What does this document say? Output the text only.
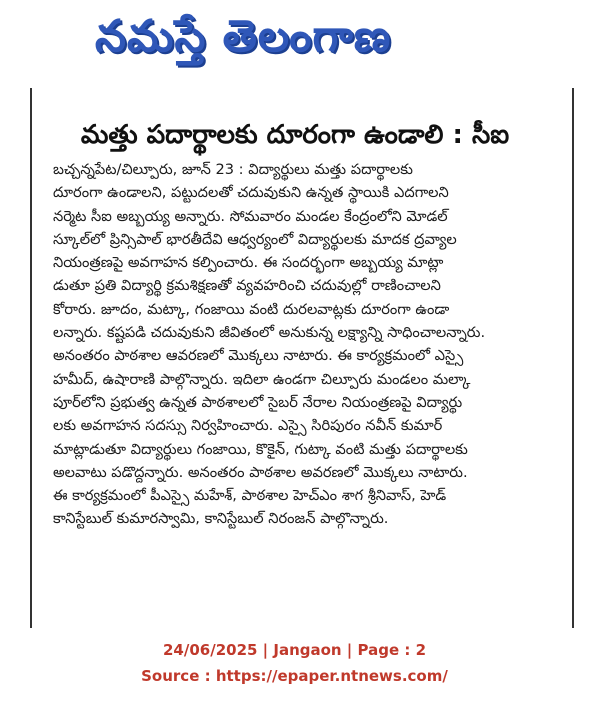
నమస్తే తెలంగాణ
మత్తు పదార్థాలకు దూరంగా ఉండాలి : సీఐ

బచ్చన్నపేట/చిల్పూరు, జూన్ 23 : విద్యార్థులు మత్తు పదార్థాలకు

దూరంగా ఉండాలని, పట్టుదలతో చదువుకుని ఉన్నత స్థాయికి ఎదగాలని

నర్మెట సీఐ అబ్బయ్య అన్నారు. సోమవారం మండల కేంద్రంలోని మోడల్

స్కూల్‌లో ప్రిన్సిపాల్ భారతీదేవి ఆధ్వర్యంలో విద్యార్థులకు మాదక ద్రవ్యాల

నియంత్రణపై అవగాహన కల్పించారు. ఈ సందర్భంగా అబ్బయ్య మాట్లా

డుతూ ప్రతి విద్యార్థి క్రమశిక్షణతో వ్యవహరించి చదువుల్లో రాణించాలని

కోరారు. జూదం, మట్కా, గంజాయి వంటి దురలవాట్లకు దూరంగా ఉండా

లన్నారు. కష్టపడి చదువుకుని జీవితంలో అనుకున్న లక్ష్యాన్ని సాధించాలన్నారు.

అనంతరం పాఠశాల ఆవరణలో మొక్కలు నాటారు. ఈ కార్యక్రమంలో ఎస్సై

హమీద్, ఉషారాణి పాల్గొన్నారు. ఇదిలా ఉండగా చిల్పూరు మండలం మల్కా

పూర్‌లోని ప్రభుత్వ ఉన్నత పాఠశాలలో సైబర్ నేరాల నియంత్రణపై విద్యార్థు

లకు అవగాహన సదస్సు నిర్వహించారు. ఎస్సై సిరిపురం నవీన్ కుమార్

మాట్లాడుతూ విద్యార్థులు గంజాయి, కొకైన్, గుట్కా వంటి మత్తు పదార్థాలకు

అలవాటు పడొద్దన్నారు. అనంతరం పాఠశాల అవరణలో మొక్కలు నాటారు.

ఈ కార్యక్రమంలో పీఎస్సై మహేశ్, పాఠశాల హెచ్‌ఎం శాగ శ్రీనివాస్, హెడ్

కానిస్టేబుల్ కుమారస్వామి, కానిస్టేబుల్ నిరంజన్ పాల్గొన్నారు.

24/06/2025 | Jangaon | Page : 2
Source : https://epaper.ntnews.com/
